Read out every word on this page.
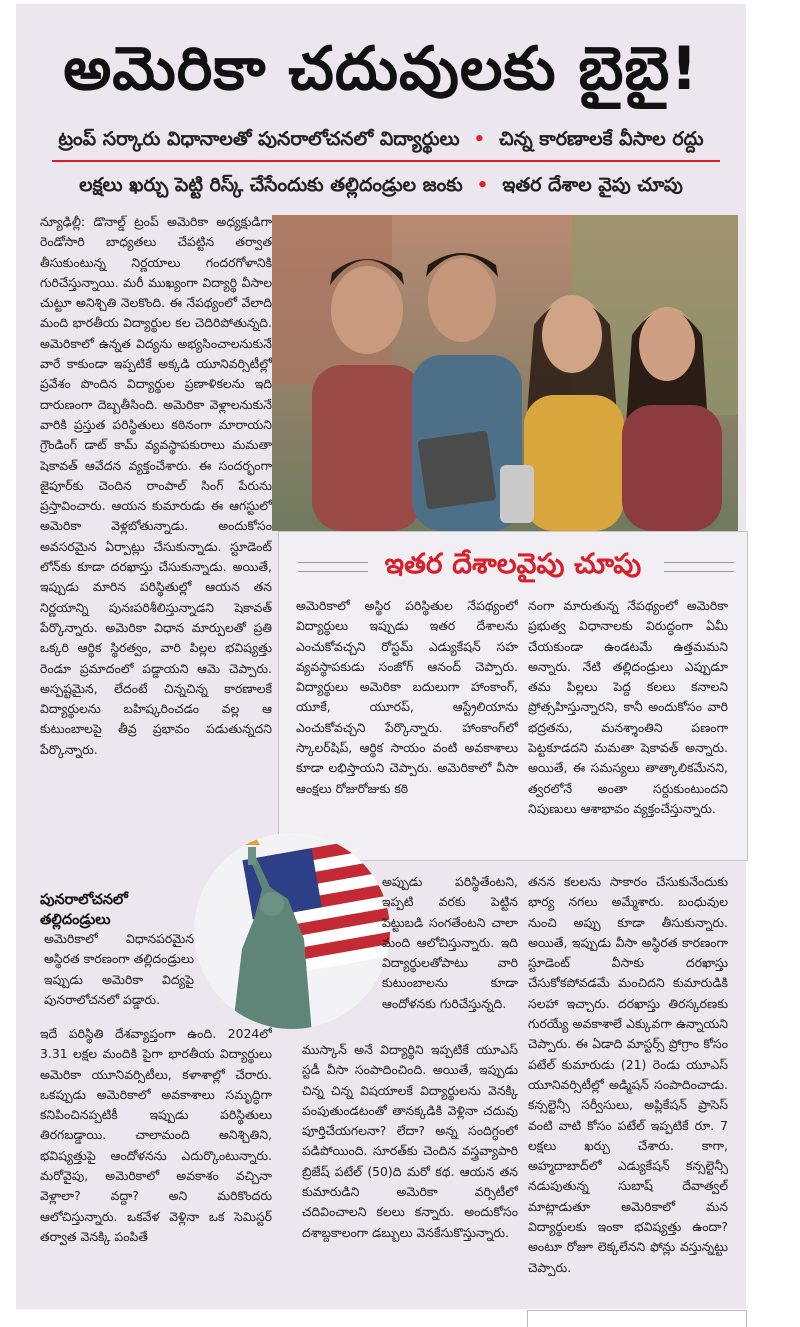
అమెరికా చదువులకు బైబై!
ట్రంప్ సర్కారు విధానాలతో పునరాలోచనలో విద్యార్థులు • చిన్న కారణాలకే వీసాల రద్దు
లక్షలు ఖర్చు పెట్టి రిస్క్ చేసేందుకు తల్లిదండ్రుల జంకు • ఇతర దేశాల వైపు చూపు

న్యూఢిల్లీ: డొనాల్డ్ ట్రంప్ అమెరికా అధ్యక్షుడిగా రెండోసారి బాధ్యతలు చేపట్టిన తర్వాత తీసుకుంటున్న నిర్ణయాలు గందరగోళానికి గురిచేస్తున్నాయి. మరీ ముఖ్యంగా విద్యార్థి వీసాల చుట్టూ అనిశ్చితి నెలకొంది. ఈ నేపథ్యంలో వేలాది మంది భారతీయ విద్యార్థుల కల చెదిరిపోతున్నది. అమెరికాలో ఉన్నత విద్యను అభ్యసించాలనుకునే వారే కాకుండా ఇప్పటికే అక్కడి యూనివర్సిటీల్లో ప్రవేశం పొందిన విద్యార్థుల ప్రణాళికలను ఇది దారుణంగా దెబ్బతీసింది. అమెరికా వెళ్లాలనుకునే వారికి ప్రస్తుత పరిస్థితులు కఠినంగా మారాయని గ్రౌండింగ్ డాట్ కామ్ వ్యవస్థాపకురాలు మమతా షెకావత్ ఆవేదన వ్యక్తంచేశారు. ఈ సందర్భంగా జైపూర్‌కు చెందిన రాంపాల్ సింగ్ పేరును ప్రస్తావించారు. ఆయన కుమారుడు ఈ ఆగస్టులో అమెరికా వెళ్లబోతున్నాడు. అందుకోసం అవసరమైన ఏర్పాట్లు చేసుకున్నాడు. స్టూడెంట్ లోన్‌కు కూడా దరఖాస్తు చేసుకున్నాడు. అయితే, ఇప్పుడు మారిన పరిస్థితుల్లో ఆయన తన నిర్ణయాన్ని పునఃపరిశీలిస్తున్నాడని షెకావత్ పేర్కొన్నారు. అమెరికా విధాన మార్పులతో ప్రతి ఒక్కరి ఆర్థిక స్థిరత్వం, వారి పిల్లల భవిష్యత్తు రెండూ ప్రమాదంలో పడ్డాయని ఆమె చెప్పారు. అస్పష్టమైన, లేదంటే చిన్నచిన్న కారణాలకే విద్యార్థులను బహిష్కరించడం వల్ల ఆ కుటుంబాలపై తీవ్ర ప్రభావం పడుతున్నదని పేర్కొన్నారు.

పునరాలోచనలో తల్లిదండ్రులు

అమెరికాలో విధానపరమైన అస్థిరత కారణంగా తల్లిదండ్రులు ఇప్పుడు అమెరికా విద్యపై పునరాలోచనలో పడ్డారు.

ఇదే పరిస్థితి దేశవ్యాప్తంగా ఉంది. 2024లో 3.31 లక్షల మందికి పైగా భారతీయ విద్యార్థులు అమెరికా యూనివర్సిటీలు, కళాశాల్లో చేరారు. ఒకప్పుడు అమెరికాలో అవకాశాలు సమృద్ధిగా కనిపించినప్పటికీ ఇప్పుడు పరిస్థితులు తిరగబడ్డాయి. చాలామంది అనిశ్చితిని, భవిష్యత్తుపై ఆందోళనను ఎదుర్కొంటున్నారు. మరోవైపు, అమెరికాలో అవకాశం వచ్చినా వెళ్లాలా? వద్దా? అని మరికొందరు ఆలోచిస్తున్నారు. ఒకవేళ వెళ్లినా ఒక సెమిస్టర్ తర్వాత వెనక్కి పంపితే

ఇతర దేశాలవైపు చూపు

అమెరికాలో అస్థిర పరిస్థితుల నేపథ్యంలో విద్యార్థులు ఇప్పుడు ఇతర దేశాలను ఎంచుకోవచ్చని రోస్టమ్ ఎడ్యుకేషన్ సహ వ్యవస్థాపకుడు సంజోగ్ ఆనంద్ చెప్పారు. విద్యార్థులు అమెరికా బదులుగా హాంకాంగ్, యూకే, యూరప్, ఆస్ట్రేలియాను ఎంచుకోవచ్చని పేర్కొన్నారు. హాంకాంగ్‌లో స్కాలర్‌షిప్, ఆర్థిక సాయం వంటి అవకాశాలు కూడా లభిస్తాయని చెప్పారు. అమెరికాలో వీసా ఆంక్షలు రోజురోజుకు కఠి

నంగా మారుతున్న నేపథ్యంలో అమెరికా ప్రభుత్వ విధానాలకు విరుద్ధంగా ఏమీ చేయకుండా ఉండటమే ఉత్తమమని అన్నారు. నేటి తల్లిదండ్రులు ఎప్పుడూ తమ పిల్లలు పెద్ద కలలు కనాలని ప్రోత్సహిస్తున్నారని, కానీ అందుకోసం వారి భద్రతను, మనశ్శాంతిని పణంగా పెట్టకూడదని మమతా షెకావత్ అన్నారు. అయితే, ఈ సమస్యలు తాత్కాలికమేనని, త్వరలోనే అంతా సర్దుకుంటుందని నిపుణులు ఆశాభావం వ్యక్తంచేస్తున్నారు.

అప్పుడు పరిస్థితేంటని, ఇప్పటి వరకు పెట్టిన పెట్టుబడి సంగతేంటని చాలా మంది ఆలోచిస్తున్నారు. ఇది విద్యార్థులతోపాటు వారి కుటుంబాలను కూడా ఆందోళనకు గురిచేస్తున్నది.

ముస్కాన్ అనే విద్యార్థిని ఇప్పటికే యూఎస్ స్టడీ వీసా సంపాదించింది. అయితే, ఇప్పుడు చిన్న చిన్న విషయాలకే విద్యార్థులను వెనక్కి పంపుతుండటంతో తానక్కడికి వెళ్లినా చదువు పూర్తిచేయగలనా? లేదా? అన్న సందిగ్ధంలో పడిపోయింది. సూరత్‌కు చెందిన వస్త్రవ్యాపారి బ్రిజేష్ పటేల్ (50)ది మరో కథ. ఆయన తన కుమారుడిని అమెరికా వర్సిటీలో చదివించాలని కలలు కన్నారు. అందుకోసం దశాబ్దకాలంగా డబ్బులు వెనకేసుకొస్తున్నారు.

తనన కలలను సాకారం చేసుకునేందుకు భార్య నగలు అమ్మేశారు. బంధువుల నుంచి అప్పు కూడా తీసుకున్నారు. అయితే, ఇప్పుడు వీసా అస్థిరత కారణంగా స్టూడెంట్ వీసాకు దరఖాస్తు చేసుకోకపోవడమే మంచిదని కుమారుడికి సలహా ఇచ్చారు. దరఖాస్తు తిరస్కరణకు గురయ్యే అవకాశాలే ఎక్కువగా ఉన్నాయని చెప్పారు. ఈ ఏడాది మాస్టర్స్ ప్రోగ్రాం కోసం పటేల్ కుమారుడు (21) రెండు యూఎస్ యూనివర్సిటీల్లో అడ్మిషన్ సంపాదించాడు. కన్సల్టెన్సీ సర్వీసులు, అప్లికేషన్ ప్రాసెస్ వంటి వాటి కోసం పటేల్ ఇప్పటికే రూ. 7 లక్షలు ఖర్చు చేశారు. కాగా, అహ్మదాబాద్‌లో ఎడ్యుకేషన్ కన్సల్టెన్సీ నడుపుతున్న సుబాష్ దేవాత్వల్ మాట్లాడుతూ అమెరికాలో మన విద్యార్థులకు ఇంకా భవిష్యత్తు ఉందా? అంటూ రోజూ లెక్కలేనని ఫోన్లు వస్తున్నట్టు చెప్పారు.
